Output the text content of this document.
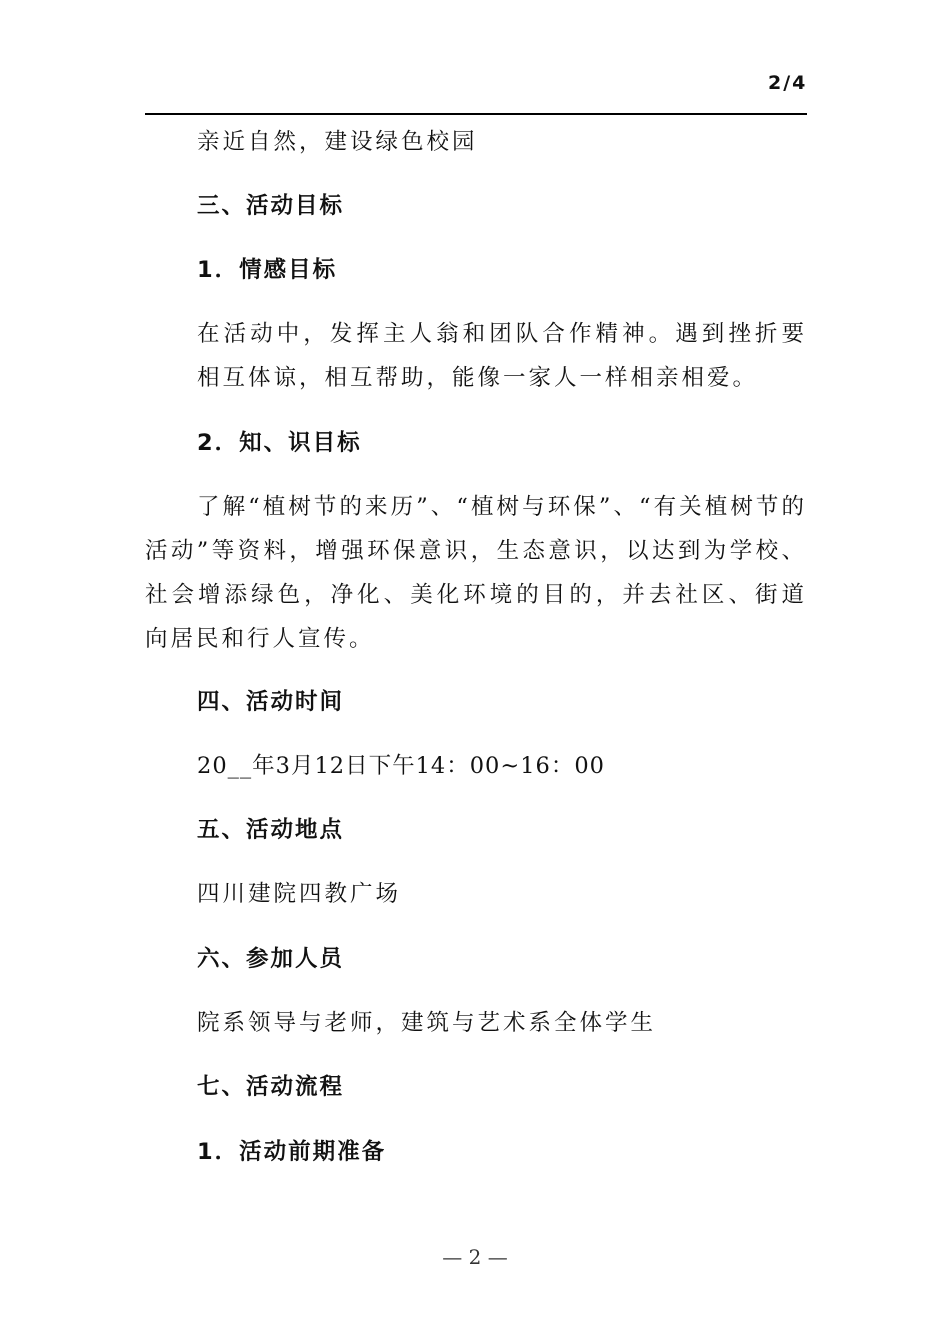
2/4

亲近自然，建设绿色校园

三、活动目标

1．情感目标

在活动中，发挥主人翁和团队合作精神。遇到挫折要相互体谅，相互帮助，能像一家人一样相亲相爱。

2．知、识目标

了解“植树节的来历”、“植树与环保”、“有关植树节的活动”等资料，增强环保意识，生态意识，以达到为学校、社会增添绿色，净化、美化环境的目的，并去社区、街道向居民和行人宣传。

四、活动时间

20__年3月12日下午14：00~16：00

五、活动地点

四川建院四教广场

六、参加人员

院系领导与老师，建筑与艺术系全体学生

七、活动流程

1．活动前期准备

— 2 —
